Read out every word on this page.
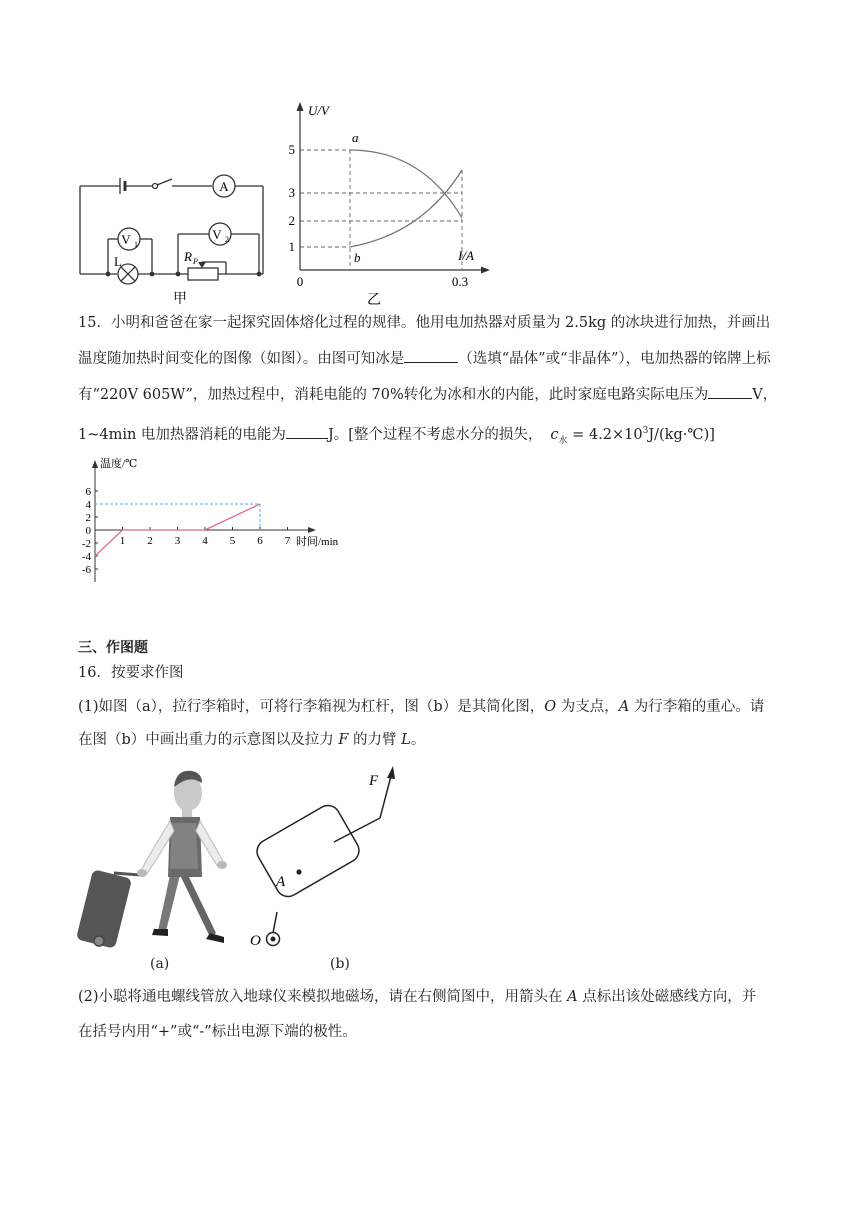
A
V 1
V 2
L	R P
甲
U/V
I/A
5
3
2
1
0	0.3
a
b
乙
15．小明和爸爸在家一起探究固体熔化过程的规律。他用电加热器对质量为 2.5kg 的冰块进行加热，并画出
温度随加热时间变化的图像（如图）。由图可知冰是	（选填“晶体”或“非晶体”），电加热器的铭牌上标
有“220V 605W”，加热过程中，消耗电能的 70%转化为冰和水的内能，此时家庭电路实际电压为	V，
1~4min 电加热器消耗的电能为	J。[整个过程不考虑水分的损失， $c_水$ = $4.2\times 10^3J/(kg\cdot℃)$]
温度/℃
时间/min
1 2 3 4 5 6 7
6
4
2
0
-2
-4
-6
三、作图题
16．按要求作图
(1)如图（a），拉行李箱时，可将行李箱视为杠杆，图（b）是其简化图，O 为支点，A 为行李箱的重心。请
在图（b）中画出重力的示意图以及拉力 F 的力臂 L。
(a)
F
A
O
(b)
(2)小聪将通电螺线管放入地球仪来模拟地磁场，请在右侧简图中，用箭头在 A 点标出该处磁感线方向，并
在括号内用“+”或“-”标出电源下端的极性。
